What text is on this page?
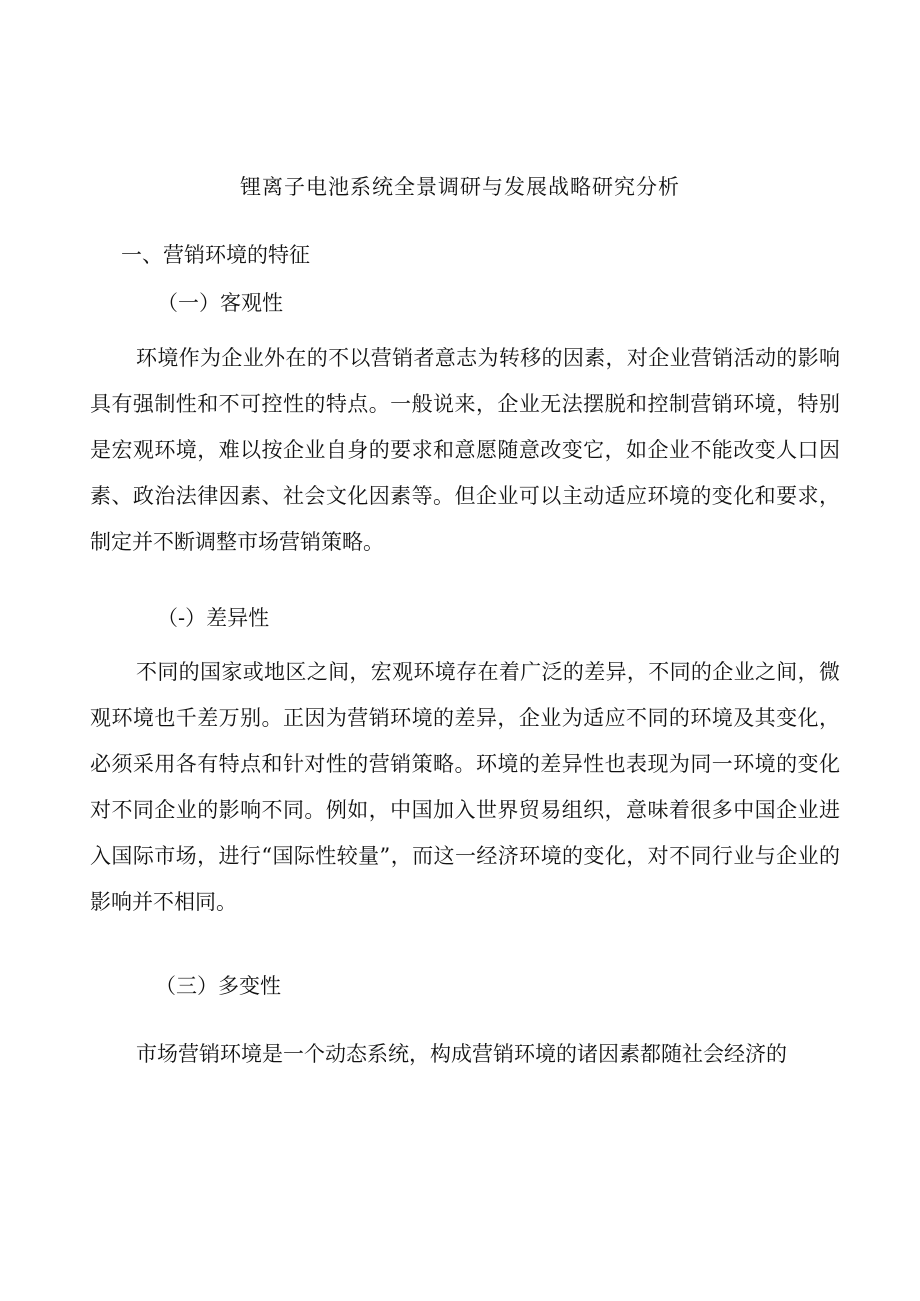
锂离子电池系统全景调研与发展战略研究分析
一、营销环境的特征
（一）客观性

环境作为企业外在的不以营销者意志为转移的因素，对企业营销活动的影响具有强制性和不可控性的特点。一般说来，企业无法摆脱和控制营销环境，特别是宏观环境，难以按企业自身的要求和意愿随意改变它，如企业不能改变人口因素、政治法律因素、社会文化因素等。但企业可以主动适应环境的变化和要求，制定并不断调整市场营销策略。

（-）差异性

不同的国家或地区之间，宏观环境存在着广泛的差异，不同的企业之间，微观环境也千差万别。正因为营销环境的差异，企业为适应不同的环境及其变化，必须采用各有特点和针对性的营销策略。环境的差异性也表现为同一环境的变化对不同企业的影响不同。例如，中国加入世界贸易组织，意味着很多中国企业进入国际市场，进行“国际性较量”，而这一经济环境的变化，对不同行业与企业的影响并不相同。

（三）多变性

市场营销环境是一个动态系统，构成营销环境的诸因素都随社会经济的
